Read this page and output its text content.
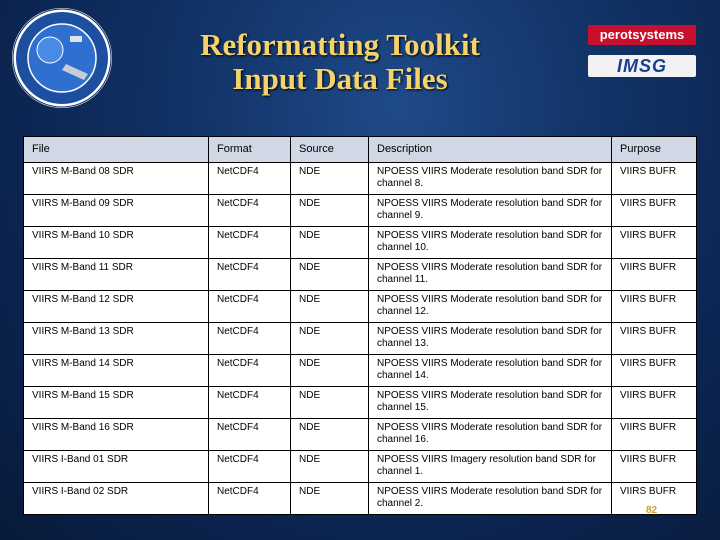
Reformatting Toolkit
Input Data Files
perotsystems
IMSG
File	Format	Source	Description	Purpose
VIIRS M-Band 08 SDR	NetCDF4	NDE	NPOESS VIIRS Moderate resolution band SDR for channel 8.	VIIRS BUFR
VIIRS M-Band 09 SDR	NetCDF4	NDE	NPOESS VIIRS Moderate resolution band SDR for channel 9.	VIIRS BUFR
VIIRS M-Band 10 SDR	NetCDF4	NDE	NPOESS VIIRS Moderate resolution band SDR for channel 10.	VIIRS BUFR
VIIRS M-Band 11 SDR	NetCDF4	NDE	NPOESS VIIRS Moderate resolution band SDR for channel 11.	VIIRS BUFR
VIIRS M-Band 12 SDR	NetCDF4	NDE	NPOESS VIIRS Moderate resolution band SDR for channel 12.	VIIRS BUFR
VIIRS M-Band 13 SDR	NetCDF4	NDE	NPOESS VIIRS Moderate resolution band SDR for channel 13.	VIIRS BUFR
VIIRS M-Band 14 SDR	NetCDF4	NDE	NPOESS VIIRS Moderate resolution band SDR for channel 14.	VIIRS BUFR
VIIRS M-Band 15 SDR	NetCDF4	NDE	NPOESS VIIRS Moderate resolution band SDR for channel 15.	VIIRS BUFR
VIIRS M-Band 16 SDR	NetCDF4	NDE	NPOESS VIIRS Moderate resolution band SDR for channel 16.	VIIRS BUFR
VIIRS I-Band 01 SDR	NetCDF4	NDE	NPOESS VIIRS Imagery resolution band SDR for channel 1.	VIIRS BUFR
VIIRS I-Band 02 SDR	NetCDF4	NDE	NPOESS VIIRS Moderate resolution band SDR for channel 2.	VIIRS BUFR
82
